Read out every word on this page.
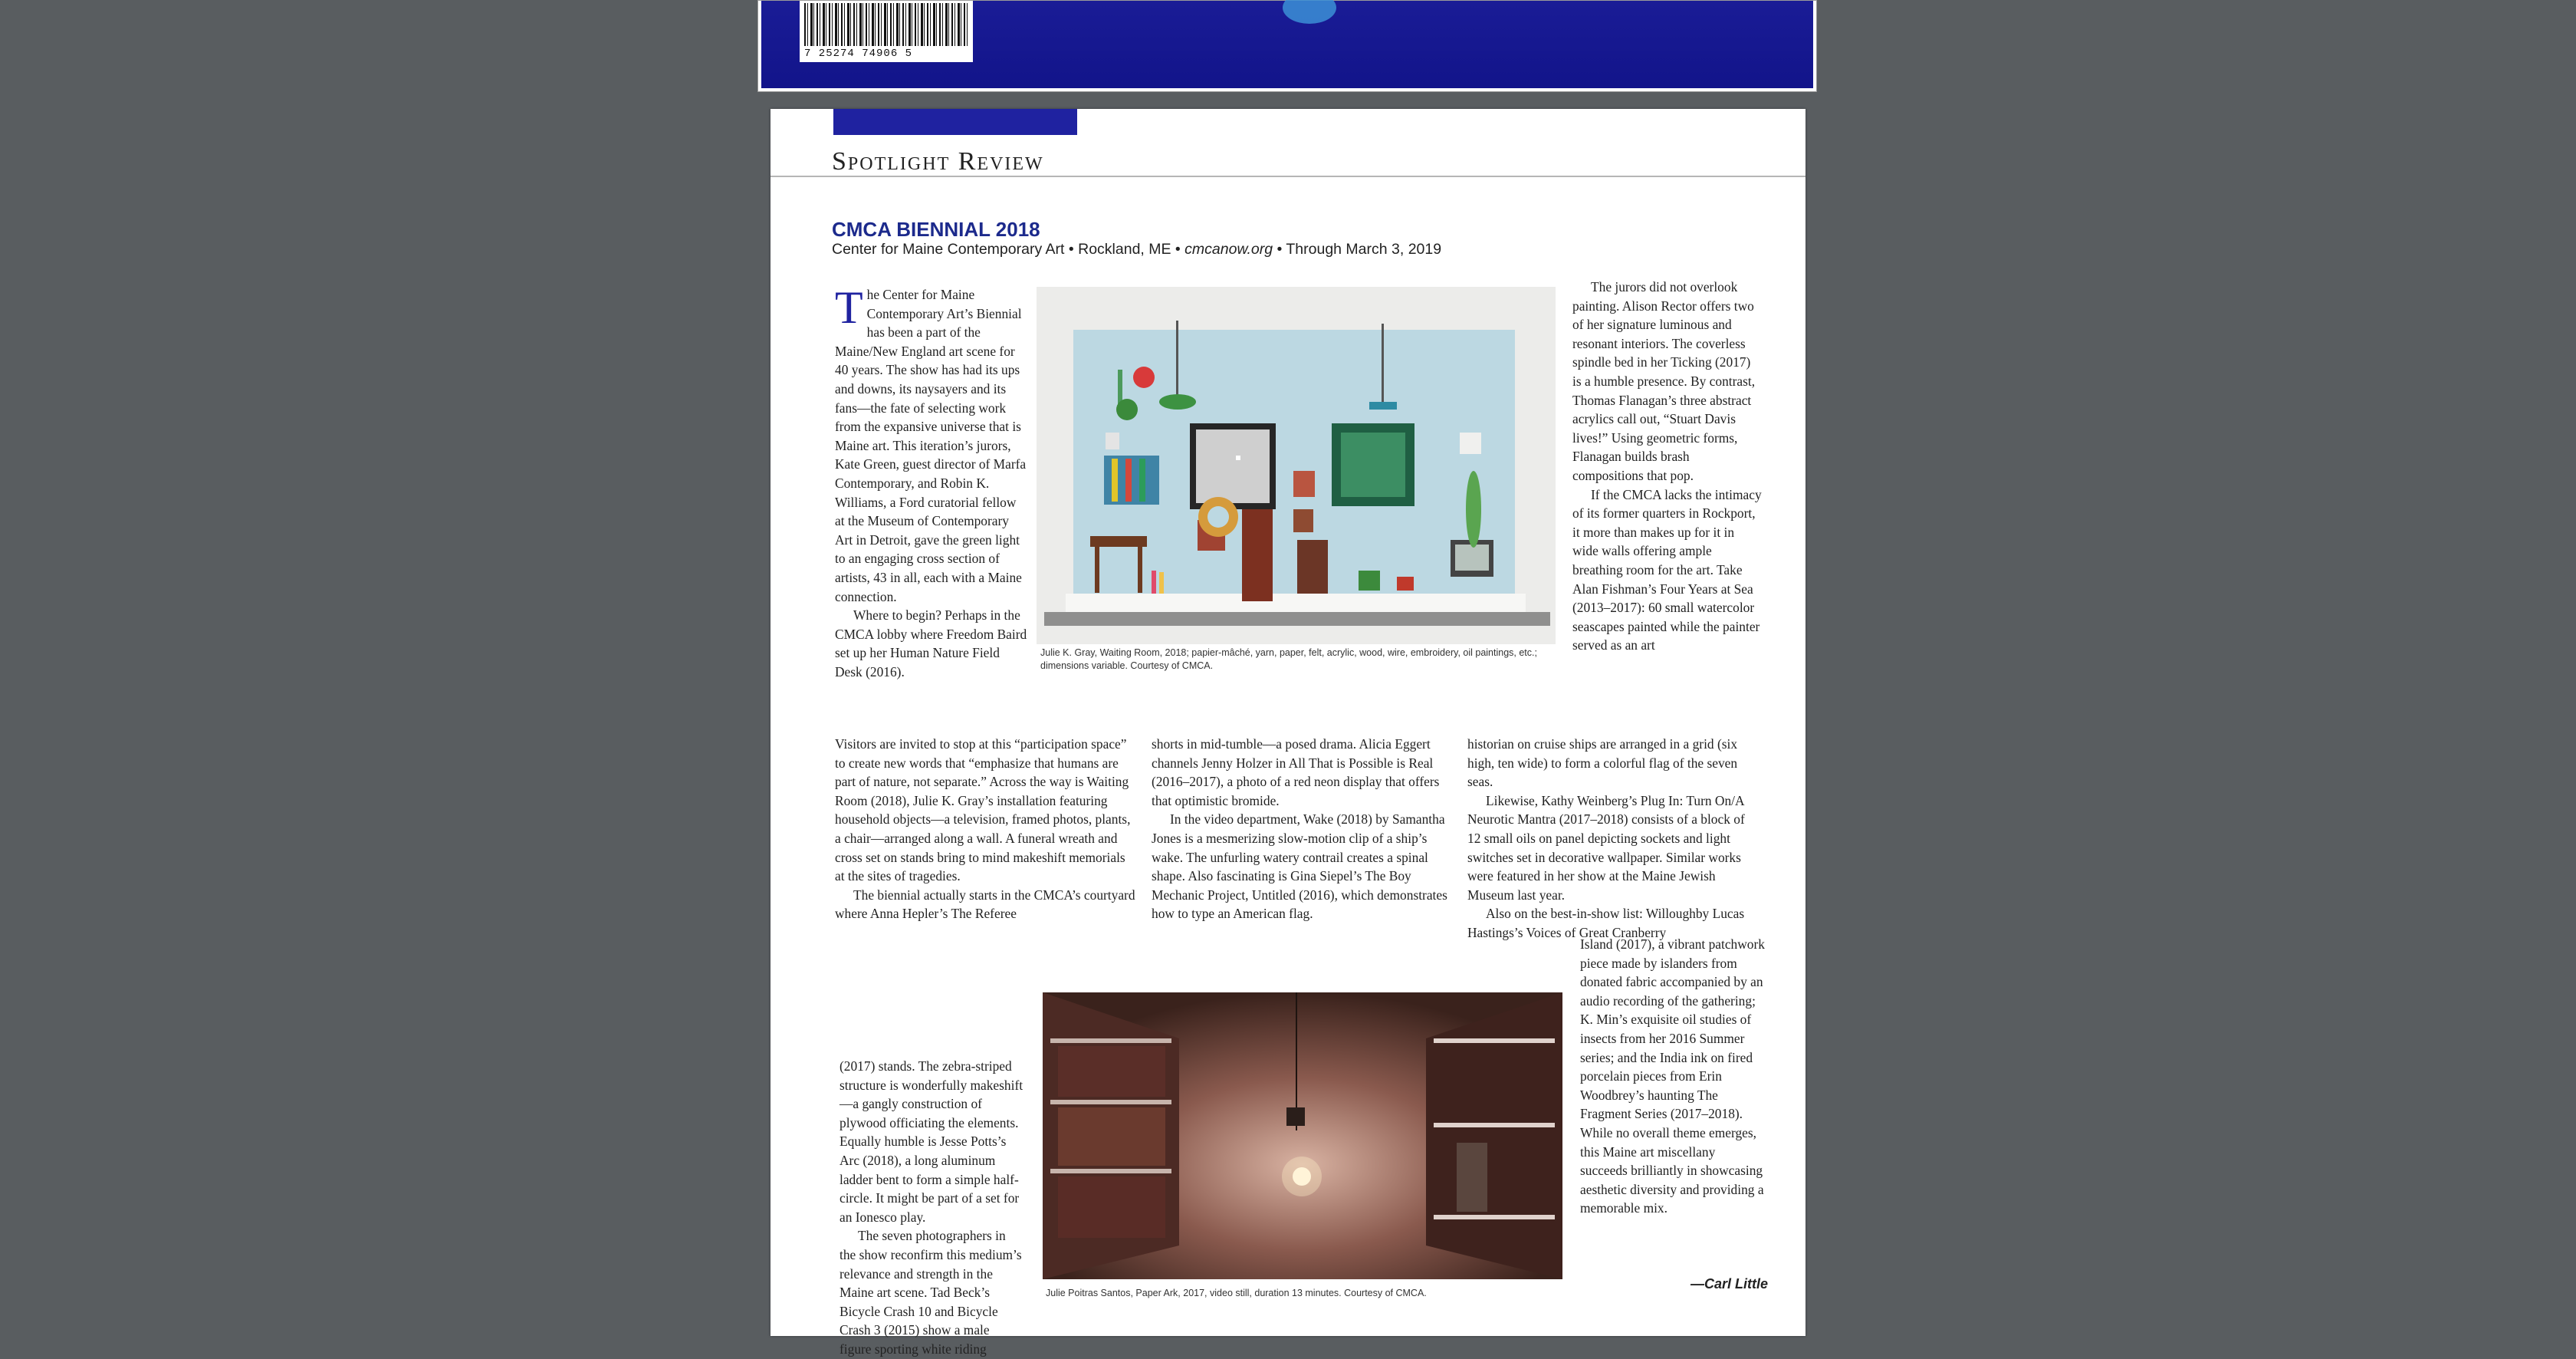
7 25274 74906 5
Spotlight Review
CMCA BIENNIAL 2018
Center for Maine Contemporary Art • Rockland, ME • cmcanow.org • Through March 3, 2019

The Center for Maine Contemporary Art’s Biennial has been a part of the Maine/New England art scene for 40 years. The show has had its ups and downs, its naysayers and its fans—the fate of selecting work from the expansive universe that is Maine art. This iteration’s jurors, Kate Green, guest director of Marfa Contemporary, and Robin K. Williams, a Ford curatorial fellow at the Museum of Contemporary Art in Detroit, gave the green light to an engaging cross section of artists, 43 in all, each with a Maine connection.

Where to begin? Perhaps in the CMCA lobby where Freedom Baird set up her Human Nature Field Desk (2016).

Julie K. Gray, Waiting Room, 2018; papier-mâché, yarn, paper, felt, acrylic, wood, wire, embroidery, oil paintings, etc.; dimensions variable. Courtesy of CMCA.

Visitors are invited to stop at this “participation space” to create new words that “emphasize that humans are part of nature, not separate.” Across the way is Waiting Room (2018), Julie K. Gray’s installation featuring household objects—a television, framed photos, plants, a chair—arranged along a wall. A funeral wreath and cross set on stands bring to mind makeshift memorials at the sites of tragedies.

The biennial actually starts in the CMCA’s courtyard where Anna Hepler’s The Referee

(2017) stands. The zebra-striped structure is wonderfully makeshift—a gangly construction of plywood officiating the elements. Equally humble is Jesse Potts’s Arc (2018), a long aluminum ladder bent to form a simple half-circle. It might be part of a set for an Ionesco play.

The seven photographers in the show reconfirm this medium’s relevance and strength in the Maine art scene. Tad Beck’s Bicycle Crash 10 and Bicycle Crash 3 (2015) show a male figure sporting white riding

shorts in mid-tumble—a posed drama. Alicia Eggert channels Jenny Holzer in All That is Possible is Real (2016–2017), a photo of a red neon display that offers that optimistic bromide.

In the video department, Wake (2018) by Samantha Jones is a mesmerizing slow-motion clip of a ship’s wake. The unfurling watery contrail creates a spinal shape. Also fascinating is Gina Siepel’s The Boy Mechanic Project, Untitled (2016), which demonstrates how to type an American flag.

The jurors did not overlook painting. Alison Rector offers two of her signature luminous and resonant interiors. The coverless spindle bed in her Ticking (2017) is a humble presence. By contrast, Thomas Flanagan’s three abstract acrylics call out, “Stuart Davis lives!” Using geometric forms, Flanagan builds brash compositions that pop.

If the CMCA lacks the intimacy of its former quarters in Rockport, it more than makes up for it in wide walls offering ample breathing room for the art. Take Alan Fishman’s Four Years at Sea (2013–2017): 60 small watercolor seascapes painted while the painter served as an art

historian on cruise ships are arranged in a grid (six high, ten wide) to form a colorful flag of the seven seas.

Likewise, Kathy Weinberg’s Plug In: Turn On/A Neurotic Mantra (2017–2018) consists of a block of 12 small oils on panel depicting sockets and light switches set in decorative wallpaper. Similar works were featured in her show at the Maine Jewish Museum last year.

Also on the best-in-show list: Willoughby Lucas Hastings’s Voices of Great Cranberry

Julie Poitras Santos, Paper Ark, 2017, video still, duration 13 minutes. Courtesy of CMCA.

Island (2017), a vibrant patchwork piece made by islanders from donated fabric accompanied by an audio recording of the gathering; K. Min’s exquisite oil studies of insects from her 2016 Summer series; and the India ink on fired porcelain pieces from Erin Woodbrey’s haunting The Fragment Series (2017–2018). While no overall theme emerges, this Maine art miscellany succeeds brilliantly in showcasing aesthetic diversity and providing a memorable mix.

—Carl Little
